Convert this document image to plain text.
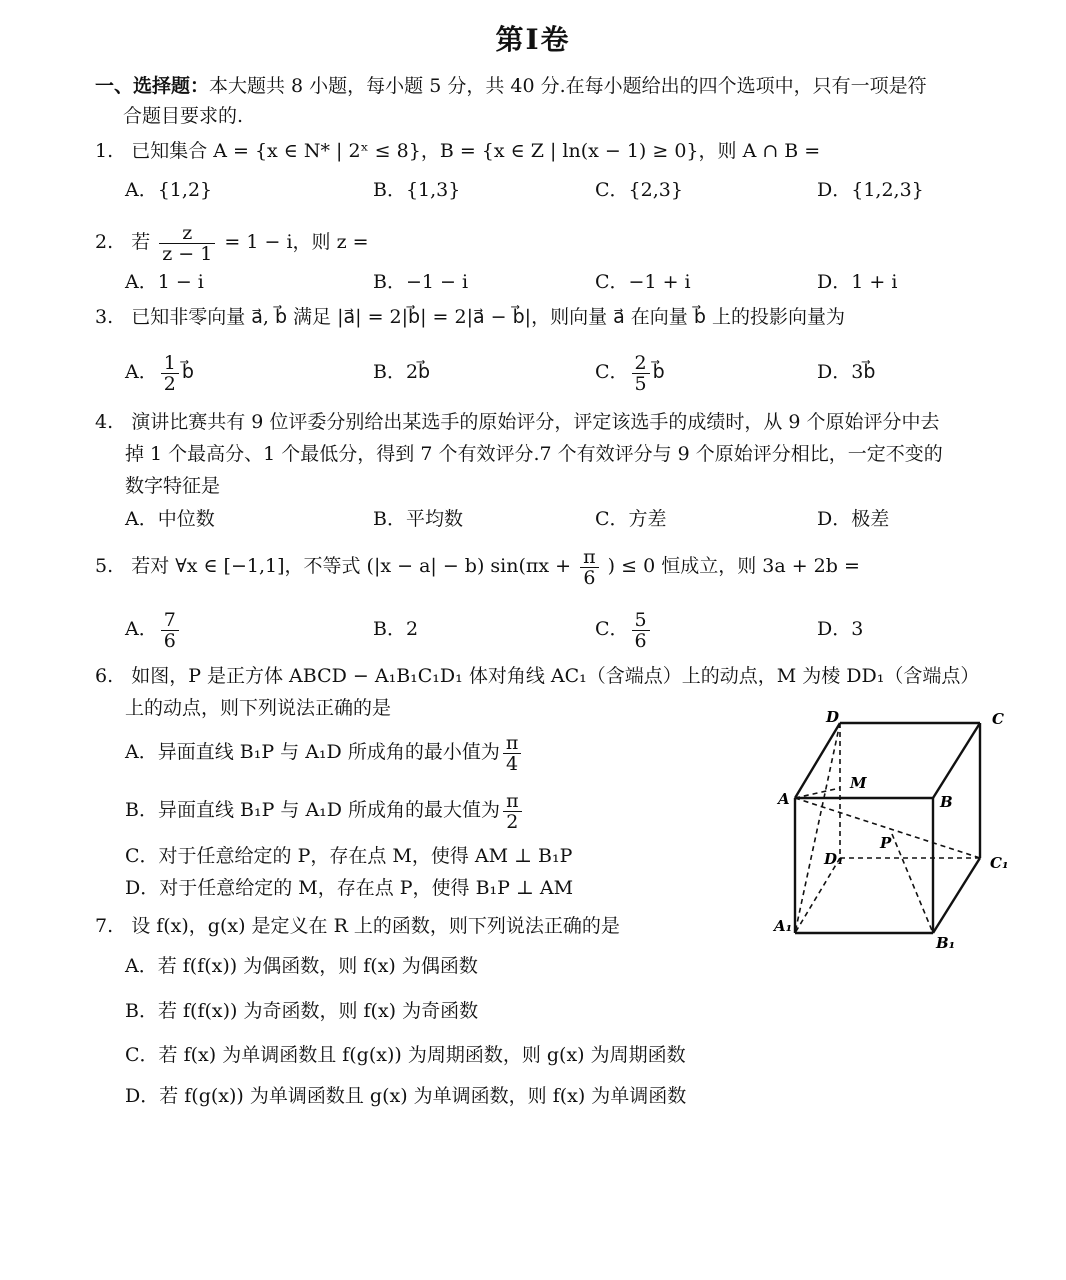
第Ⅰ卷
一、选择题：本大题共 8 小题，每小题 5 分，共 40 分.在每小题给出的四个选项中，只有一项是符
合题目要求的.
1. 已知集合 A = {x ∈ N* | 2ˣ ≤ 8}，B = {x ∈ Z | ln(x − 1) ≥ 0}，则 A ∩ B =
A．{1,2}	B．{1,3}	C．{2,3}	D．{1,2,3}
2. 若 $\frac{z}{z - 1} = 1 - i$，则 z =
A．1 − i	B．−1 − i	C．−1 + i	D．1 + i
3. 已知非零向量 a⃗, b⃗ 满足 |a⃗| = 2|b⃗| = 2|a⃗ − b⃗|，则向量 a⃗ 在向量 b⃗ 上的投影向量为
A． $\frac{1}{2}$ b⃗	B．2b⃗	C． $\frac{2}{5}$ b⃗	D．3b⃗
4. 演讲比赛共有 9 位评委分别给出某选手的原始评分，评定该选手的成绩时，从 9 个原始评分中去
掉 1 个最高分、1 个最低分，得到 7 个有效评分.7 个有效评分与 9 个原始评分相比，一定不变的
数字特征是
A．中位数	B．平均数	C．方差	D．极差
5. 若对 ∀x ∈ [−1,1]，不等式 (|x − a| − b) $\sin(\pi x + \frac{\pi}{6}$ ) ≤ 0 恒成立，则 3a + 2b =
A． $\frac{7}{6}$	B．2	C． $\frac{5}{6}$	D．3
6. 如图，P 是正方体 ABCD − A₁B₁C₁D₁ 体对角线 AC₁（含端点）上的动点，M 为棱 DD₁（含端点）
上的动点，则下列说法正确的是
A．异面直线 B₁P 与 A₁D 所成角的最小值为 $\frac{\pi}{4}$
B．异面直线 B₁P 与 A₁D 所成角的最大值为 $\frac{\pi}{2}$
C．对于任意给定的 P，存在点 M，使得 AM ⊥ B₁P
D．对于任意给定的 M，存在点 P，使得 B₁P ⊥ AM
D	C
M
A	B
P
D₁	C₁
A₁
B₁
7. 设 f(x)，g(x) 是定义在 R 上的函数，则下列说法正确的是
A．若 f(f(x)) 为偶函数，则 f(x) 为偶函数
B．若 f(f(x)) 为奇函数，则 f(x) 为奇函数
C．若 f(x) 为单调函数且 f(g(x)) 为周期函数，则 g(x) 为周期函数
D．若 f(g(x)) 为单调函数且 g(x) 为单调函数，则 f(x) 为单调函数
